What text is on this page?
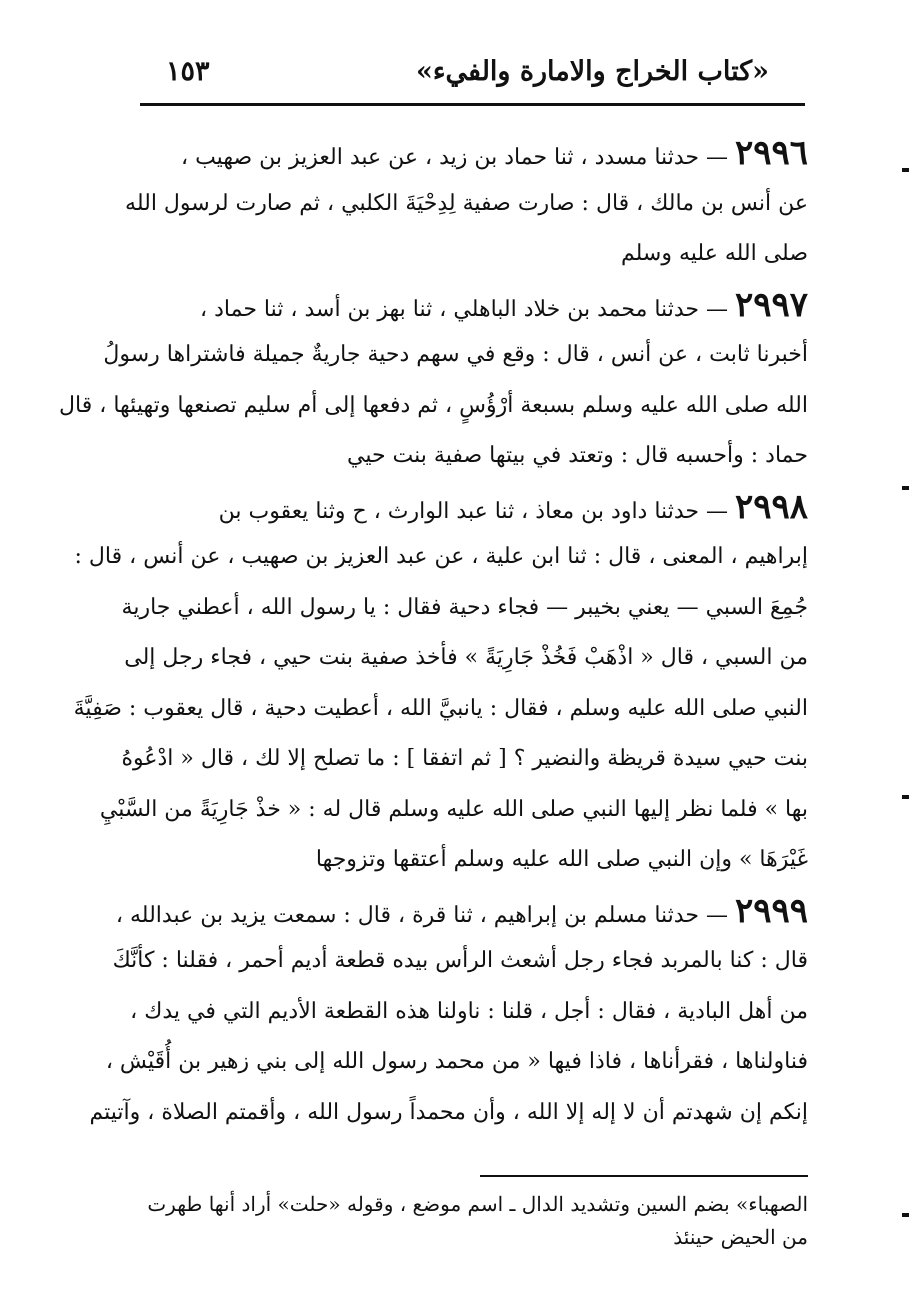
«كتاب الخراج والامارة والفيء»
١٥٣
٢٩٩٦ — حدثنا مسدد ، ثنا حماد بن زيد ، عن عبد العزيز بن صهيب ،
عن أنس بن مالك ، قال : صارت صفية لِدِحْيَةَ الكلبي ، ثم صارت لرسول الله
صلى الله عليه وسلم
٢٩٩٧ — حدثنا محمد بن خلاد الباهلي ، ثنا بهز بن أسد ، ثنا حماد ،
أخبرنا ثابت ، عن أنس ، قال : وقع في سهم دحية جاريةٌ جميلة فاشتراها رسولُ
الله صلى الله عليه وسلم بسبعة أرْؤُسٍ ، ثم دفعها إلى أم سليم تصنعها وتهيئها ، قال
حماد : وأحسبه قال : وتعتد في بيتها صفية بنت حيي
٢٩٩٨ — حدثنا داود بن معاذ ، ثنا عبد الوارث ، ح وثنا يعقوب بن
إبراهيم ، المعنى ، قال : ثنا ابن علية ، عن عبد العزيز بن صهيب ، عن أنس ، قال :
جُمِعَ السبي — يعني بخيبر — فجاء دحية فقال : يا رسول الله ، أعطني جارية
من السبي ، قال « اذْهَبْ فَخُذْ جَارِيَةً » فأخذ صفية بنت حيي ، فجاء رجل إلى
النبي صلى الله عليه وسلم ، فقال : يانبيَّ الله ، أعطيت دحية ، قال يعقوب : صَفِيَّةَ
بنت حيي سيدة قريظة والنضير ؟ [ ثم اتفقا ] : ما تصلح إلا لك ، قال « ادْعُوهُ
بها » فلما نظر إليها النبي صلى الله عليه وسلم قال له : « خذْ جَارِيَةً من السَّبْيِ
غَيْرَهَا » وإن النبي صلى الله عليه وسلم أعتقها وتزوجها
٢٩٩٩ — حدثنا مسلم بن إبراهيم ، ثنا قرة ، قال : سمعت يزيد بن عبدالله ،
قال : كنا بالمربد فجاء رجل أشعث الرأس بيده قطعة أديم أحمر ، فقلنا : كأنَّكَ
من أهل البادية ، فقال : أجل ، قلنا : ناولنا هذه القطعة الأديم التي في يدك ،
فناولناها ، فقرأناها ، فاذا فيها « من محمد رسول الله إلى بني زهير بن أُقَيْش ،
إنكم إن شهدتم أن لا إله إلا الله ، وأن محمداً رسول الله ، وأقمتم الصلاة ، وآتيتم
الصهباء» بضم السين وتشديد الدال ـ اسم موضع ، وقوله «حلت» أراد أنها طهرت
من الحيض حينئذ
